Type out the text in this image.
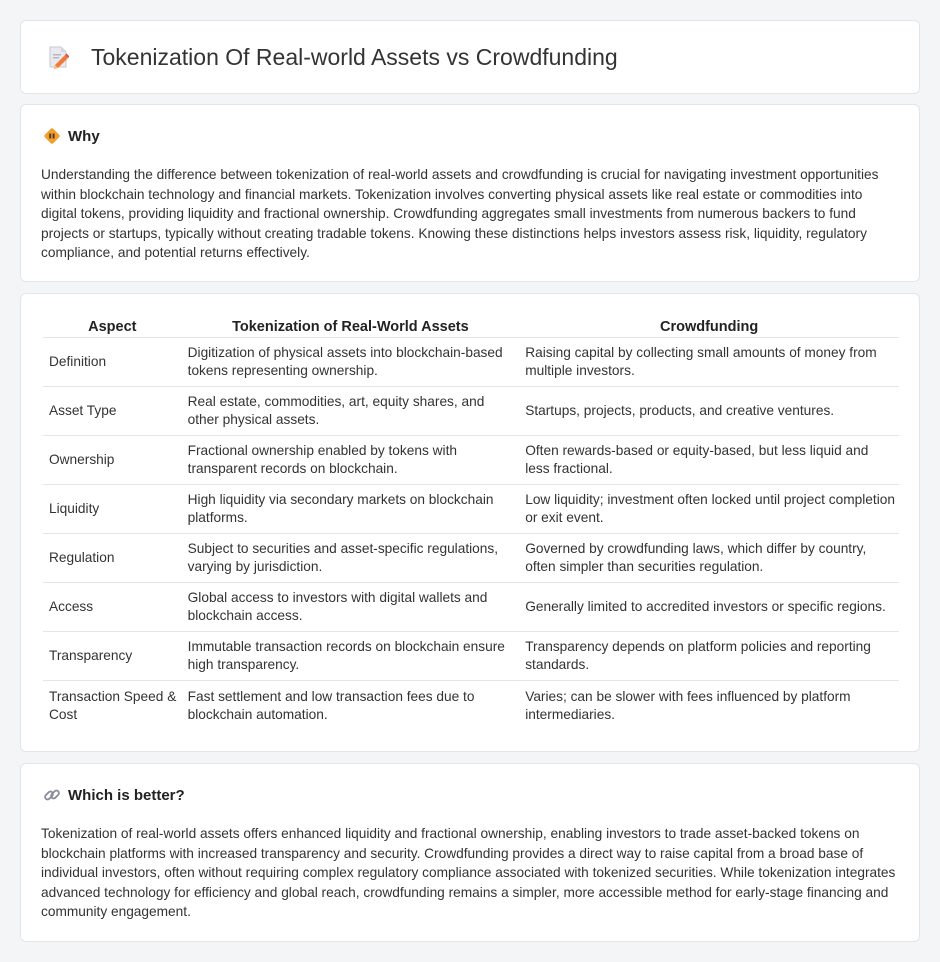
Tokenization Of Real-world Assets vs Crowdfunding
Why

Understanding the difference between tokenization of real-world assets and crowdfunding is crucial for navigating investment opportunities within blockchain technology and financial markets. Tokenization involves converting physical assets like real estate or commodities into digital tokens, providing liquidity and fractional ownership. Crowdfunding aggregates small investments from numerous backers to fund projects or startups, typically without creating tradable tokens. Knowing these distinctions helps investors assess risk, liquidity, regulatory compliance, and potential returns effectively.

Aspect	Tokenization of Real-World Assets	Crowdfunding
Definition	Digitization of physical assets into blockchain-based tokens representing ownership.	Raising capital by collecting small amounts of money from multiple investors.
Asset Type	Real estate, commodities, art, equity shares, and other physical assets.	Startups, projects, products, and creative ventures.
Ownership	Fractional ownership enabled by tokens with transparent records on blockchain.	Often rewards-based or equity-based, but less liquid and less fractional.
Liquidity	High liquidity via secondary markets on blockchain platforms.	Low liquidity; investment often locked until project completion or exit event.
Regulation	Subject to securities and asset-specific regulations, varying by jurisdiction.	Governed by crowdfunding laws, which differ by country, often simpler than securities regulation.
Access	Global access to investors with digital wallets and blockchain access.	Generally limited to accredited investors or specific regions.
Transparency	Immutable transaction records on blockchain ensure high transparency.	Transparency depends on platform policies and reporting standards.
Transaction Speed & Cost	Fast settlement and low transaction fees due to blockchain automation.	Varies; can be slower with fees influenced by platform intermediaries.
Which is better?

Tokenization of real-world assets offers enhanced liquidity and fractional ownership, enabling investors to trade asset-backed tokens on blockchain platforms with increased transparency and security. Crowdfunding provides a direct way to raise capital from a broad base of individual investors, often without requiring complex regulatory compliance associated with tokenized securities. While tokenization integrates advanced technology for efficiency and global reach, crowdfunding remains a simpler, more accessible method for early-stage financing and community engagement.
